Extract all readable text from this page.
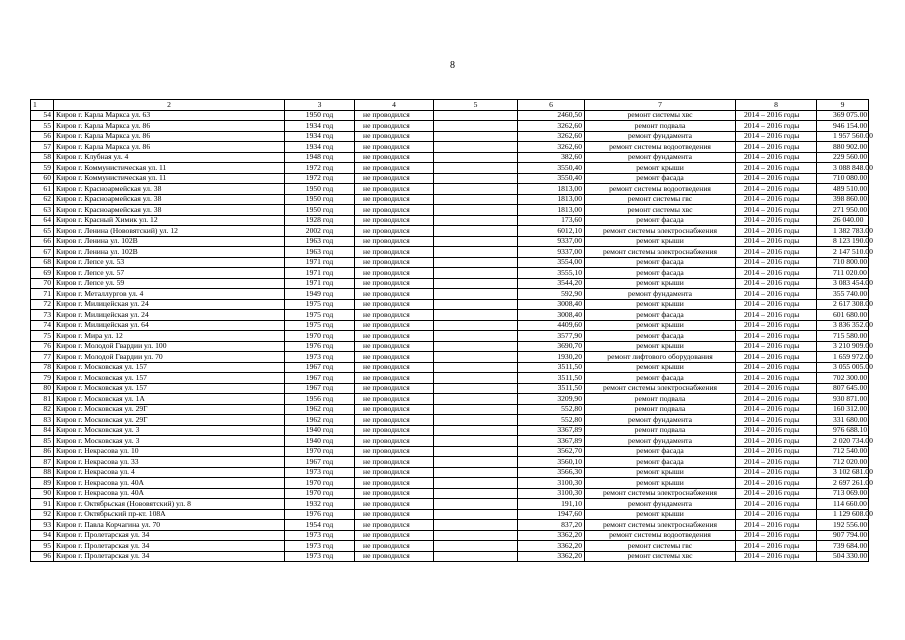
8
1	2	3	4	5	6	7	8	9
54	Киров г. Карла Маркса ул. 63	1950 год	не проводился		2460,50	ремонт системы хвс	2014 – 2016 годы	369 075.00
55	Киров г. Карла Маркса ул. 86	1934 год	не проводился		3262,60	ремонт подвала	2014 – 2016 годы	946 154.00
56	Киров г. Карла Маркса ул. 86	1934 год	не проводился		3262,60	ремонт фундамента	2014 – 2016 годы	1 957 560.00
57	Киров г. Карла Маркса ул. 86	1934 год	не проводился		3262,60	ремонт системы водоотведения	2014 – 2016 годы	880 902.00
58	Киров г. Клубная ул. 4	1948 год	не проводился		382,60	ремонт фундамента	2014 – 2016 годы	229 560.00
59	Киров г. Коммунистическая ул. 11	1972 год	не проводился		3550,40	ремонт крыши	2014 – 2016 годы	3 088 848.00
60	Киров г. Коммунистическая ул. 11	1972 год	не проводился		3550,40	ремонт фасада	2014 – 2016 годы	710 080.00
61	Киров г. Красноармейская ул. 38	1950 год	не проводился		1813,00	ремонт системы водоотведения	2014 – 2016 годы	489 510.00
62	Киров г. Красноармейская ул. 38	1950 год	не проводился		1813,00	ремонт системы гвс	2014 – 2016 годы	398 860.00
63	Киров г. Красноармейская ул. 38	1950 год	не проводился		1813,00	ремонт системы хвс	2014 – 2016 годы	271 950.00
64	Киров г. Красный Химик ул. 12	1928 год	не проводился		173,60	ремонт фасада	2014 – 2016 годы	26 040.00
65	Киров г. Ленина (Нововятский) ул. 12	2002 год	не проводился		6012,10	ремонт системы электроснабжения	2014 – 2016 годы	1 382 783.00
66	Киров г. Ленина ул. 102В	1963 год	не проводился		9337,00	ремонт крыши	2014 – 2016 годы	8 123 190.00
67	Киров г. Ленина ул. 102В	1963 год	не проводился		9337,00	ремонт системы электроснабжения	2014 – 2016 годы	2 147 510.00
68	Киров г. Лепсе ул. 53	1971 год	не проводился		3554,00	ремонт фасада	2014 – 2016 годы	710 800.00
69	Киров г. Лепсе ул. 57	1971 год	не проводился		3555,10	ремонт фасада	2014 – 2016 годы	711 020.00
70	Киров г. Лепсе ул. 59	1971 год	не проводился		3544,20	ремонт крыши	2014 – 2016 годы	3 083 454.00
71	Киров г. Металлургов ул. 4	1949 год	не проводился		592,90	ремонт фундамента	2014 – 2016 годы	355 740.00
72	Киров г. Милицейская ул. 24	1975 год	не проводился		3008,40	ремонт крыши	2014 – 2016 годы	2 617 308.00
73	Киров г. Милицейская ул. 24	1975 год	не проводился		3008,40	ремонт фасада	2014 – 2016 годы	601 680.00
74	Киров г. Милицейская ул. 64	1975 год	не проводился		4409,60	ремонт крыши	2014 – 2016 годы	3 836 352.00
75	Киров г. Мира ул. 12	1970 год	не проводился		3577,90	ремонт фасада	2014 – 2016 годы	715 580.00
76	Киров г. Молодой Гвардии ул. 100	1976 год	не проводился		3690,70	ремонт крыши	2014 – 2016 годы	3 210 909.00
77	Киров г. Молодой Гвардии ул. 70	1973 год	не проводился		1930,20	ремонт лифтового оборудования	2014 – 2016 годы	1 659 972.00
78	Киров г. Московская ул. 157	1967 год	не проводился		3511,50	ремонт крыши	2014 – 2016 годы	3 055 005.00
79	Киров г. Московская ул. 157	1967 год	не проводился		3511,50	ремонт фасада	2014 – 2016 годы	702 300.00
80	Киров г. Московская ул. 157	1967 год	не проводился		3511,50	ремонт системы электроснабжения	2014 – 2016 годы	807 645.00
81	Киров г. Московская ул. 1А	1956 год	не проводился		3209,90	ремонт подвала	2014 – 2016 годы	930 871.00
82	Киров г. Московская ул. 29Г	1962 год	не проводился		552,80	ремонт подвала	2014 – 2016 годы	160 312.00
83	Киров г. Московская ул. 29Г	1962 год	не проводился		552,80	ремонт фундамента	2014 – 2016 годы	331 680.00
84	Киров г. Московская ул. 3	1940 год	не проводился		3367,89	ремонт подвала	2014 – 2016 годы	976 688.10
85	Киров г. Московская ул. 3	1940 год	не проводился		3367,89	ремонт фундамента	2014 – 2016 годы	2 020 734.00
86	Киров г. Некрасова ул. 10	1970 год	не проводился		3562,70	ремонт фасада	2014 – 2016 годы	712 540.00
87	Киров г. Некрасова ул. 33	1967 год	не проводился		3560,10	ремонт фасада	2014 – 2016 годы	712 020.00
88	Киров г. Некрасова ул. 4	1973 год	не проводился		3566,30	ремонт крыши	2014 – 2016 годы	3 102 681.00
89	Киров г. Некрасова ул. 40А	1970 год	не проводился		3100,30	ремонт крыши	2014 – 2016 годы	2 697 261.00
90	Киров г. Некрасова ул. 40А	1970 год	не проводился		3100,30	ремонт системы электроснабжения	2014 – 2016 годы	713 069.00
91	Киров г. Октябрьская (Нововятский) ул. 8	1932 год	не проводился		191,10	ремонт фундамента	2014 – 2016 годы	114 660.00
92	Киров г. Октябрьский пр-кт. 108А	1976 год	не проводился		1947,60	ремонт крыши	2014 – 2016 годы	1 129 608.00
93	Киров г. Павла Корчагина ул. 70	1954 год	не проводился		837,20	ремонт системы электроснабжения	2014 – 2016 годы	192 556.00
94	Киров г. Пролетарская ул. 34	1973 год	не проводился		3362,20	ремонт системы водоотведения	2014 – 2016 годы	907 794.00
95	Киров г. Пролетарская ул. 34	1973 год	не проводился		3362,20	ремонт системы гвс	2014 – 2016 годы	739 684.00
96	Киров г. Пролетарская ул. 34	1973 год	не проводился		3362,20	ремонт системы хвс	2014 – 2016 годы	504 330.00
